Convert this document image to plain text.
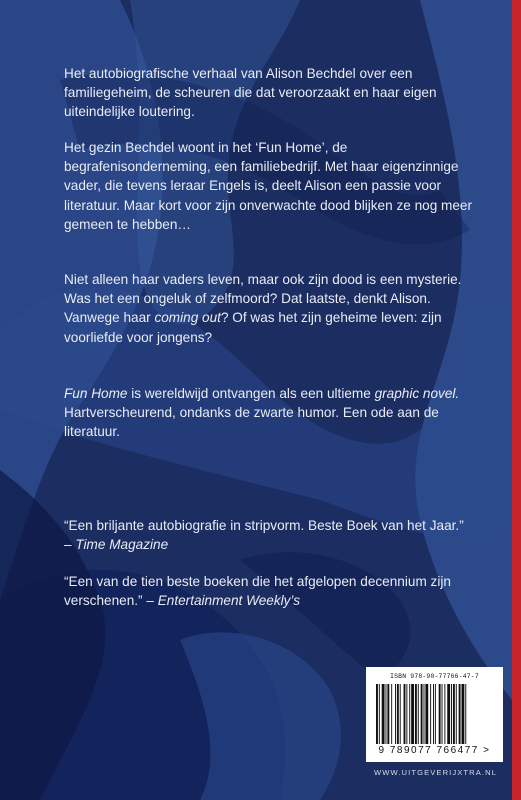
Het autobiografische verhaal van Alison Bechdel over een familiegeheim, de scheuren die dat veroorzaakt en haar eigen uiteindelijke loutering.

Het gezin Bechdel woont in het ‘Fun Home’, de begrafenisonderneming, een familiebedrijf. Met haar eigenzinnige vader, die tevens leraar Engels is, deelt Alison een passie voor literatuur. Maar kort voor zijn onverwachte dood blijken ze nog meer gemeen te hebben…

Niet alleen haar vaders leven, maar ook zijn dood is een mysterie. Was het een ongeluk of zelfmoord? Dat laatste, denkt Alison. Vanwege haar coming out? Of was het zijn geheime leven: zijn voorliefde voor jongens?

Fun Home is wereldwijd ontvangen als een ultieme graphic novel. Hartverscheurend, ondanks de zwarte humor. Een ode aan de literatuur.

“Een briljante autobiografie in stripvorm. Beste Boek van het Jaar.” – Time Magazine

“Een van de tien beste boeken die het afgelopen decennium zijn verschenen.” – Entertainment Weekly’s

ISBN 978-90-77766-47-7
9 789077 766477 >
WWW.UITGEVERIJXTRA.NL
